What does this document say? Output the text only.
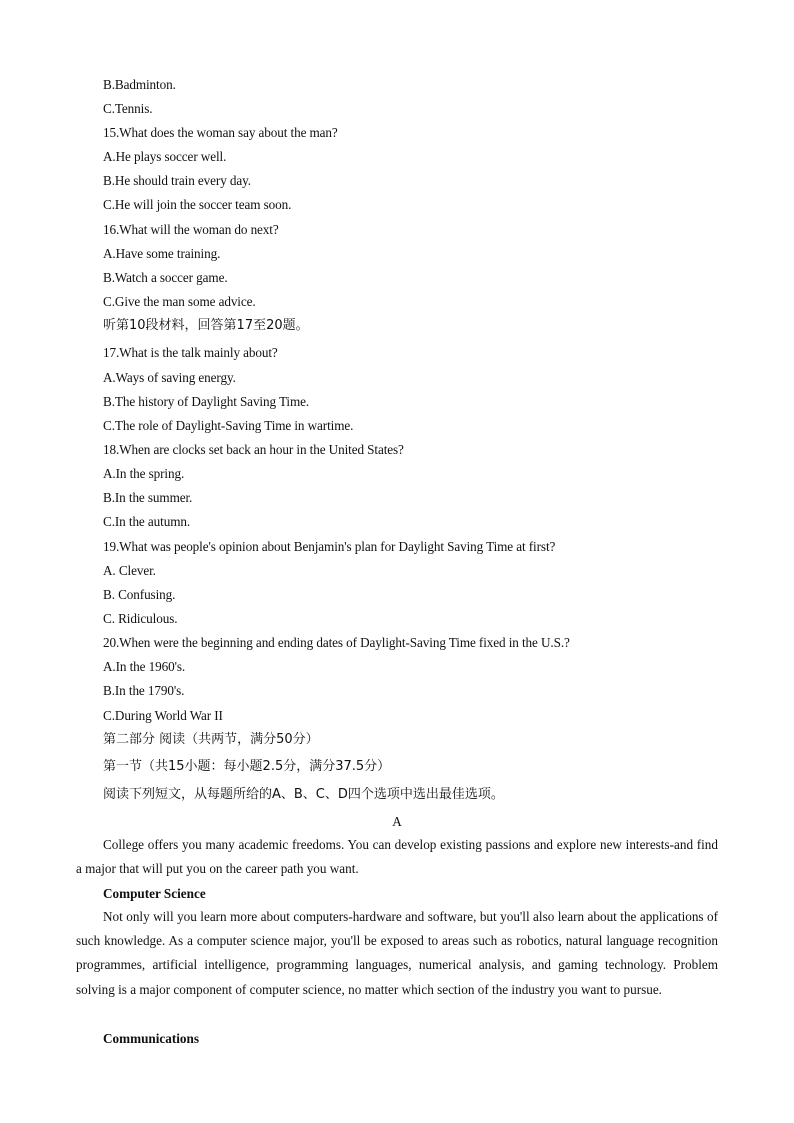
B.Badminton.
C.Tennis.
15.What does the woman say about the man?
A.He plays soccer well.
B.He should train every day.
C.He will join the soccer team soon.
16.What will the woman do next?
A.Have some training.
B.Watch a soccer game.
C.Give the man some advice.
听第10段材料，回答第17至20题。
17.What is the talk mainly about?
A.Ways of saving energy.
B.The history of Daylight Saving Time.
C.The role of Daylight-Saving Time in wartime.
18.When are clocks set back an hour in the United States?
A.In the spring.
B.In the summer.
C.In the autumn.
19.What was people's opinion about Benjamin's plan for Daylight Saving Time at first?
A. Clever.
B. Confusing.
C. Ridiculous.
20.When were the beginning and ending dates of Daylight-Saving Time fixed in the U.S.?
A.In the 1960's.
B.In the 1790's.
C.During World War II
第二部分 阅读（共两节，满分50分）
第一节（共15小题：每小题2.5分，满分37.5分）
阅读下列短文，从每题所给的A、B、C、D四个选项中选出最佳选项。
A
College offers you many academic freedoms. You can develop existing passions and explore new interests-and find a major that will put you on the career path you want.
Computer Science
Not only will you learn more about computers-hardware and software, but you'll also learn about the applications of such knowledge. As a computer science major, you'll be exposed to areas such as robotics, natural language recognition programmes, artificial intelligence, programming languages, numerical analysis, and gaming technology. Problem solving is a major component of computer science, no matter which section of the industry you want to pursue.
Communications
